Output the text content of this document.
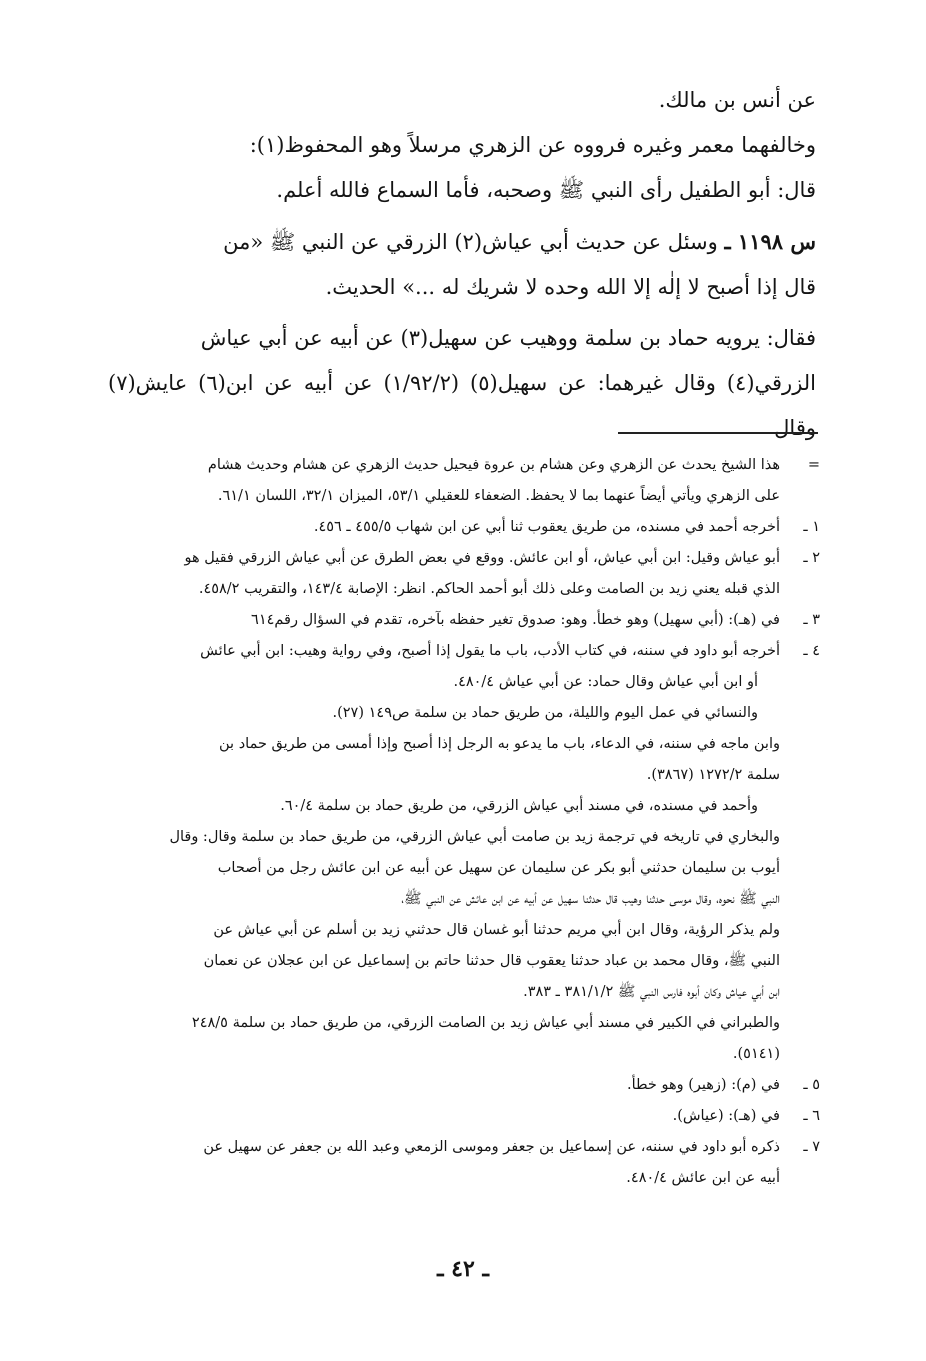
عن أنس بن مالك.

وخالفهما معمر وغيره فرووه عن الزهري مرسلاً وهو المحفوظ(١):

قال: أبو الطفيل رأى النبي ﷺ وصحبه، فأما السماع فالله أعلم.

س ١١٩٨ ـ وسئل عن حديث أبي عياش(٢) الزرقي عن النبي ﷺ «من

قال إذا أصبح لا إلٰه إلا الله وحده لا شريك له ...» الحديث.

فقال: يرويه حماد بن سلمة ووهيب عن سهيل(٣) عن أبيه عن أبي عياش

الزرقي(٤) وقال غيرهما: عن سهيل(٥) (١/٩٢/٢) عن أبيه عن ابن(٦) عايش(٧) وقال

=
هذا الشيخ يحدث عن الزهري وعن هشام بن عروة فيحيل حديث الزهري عن هشام وحديث هشام
على الزهري ويأتي أيضاً عنهما بما لا يحفظ. الضعفاء للعقيلي ٥٣/١، الميزان ٣٢/١، اللسان ٦١/١.
١ ـ
أخرجه أحمد في مسنده، من طريق يعقوب ثنا أبي عن ابن شهاب ٤٥٥/٥ ـ ٤٥٦.
٢ ـ
أبو عياش وقيل: ابن أبي عياش، أو ابن عائش. ووقع في بعض الطرق عن أبي عياش الزرقي فقيل هو
الذي قبله يعني زيد بن الصامت وعلى ذلك أبو أحمد الحاكم. انظر: الإصابة ١٤٣/٤، والتقريب ٤٥٨/٢.
٣ ـ
في (هـ): (أبي سهيل) وهو خطأ. وهو: صدوق تغير حفظه بآخره، تقدم في السؤال رقم٦١٤
٤ ـ
أخرجه أبو داود في سننه، في كتاب الأدب، باب ما يقول إذا أصبح، وفي رواية وهيب: ابن أبي عائش
أو ابن أبي عياش وقال حماد: عن أبي عياش ٤٨٠/٤.
والنسائي في عمل اليوم والليلة، من طريق حماد بن سلمة ص١٤٩ (٢٧).
وابن ماجه في سننه، في الدعاء، باب ما يدعو به الرجل إذا أصبح وإذا أمسى من طريق حماد بن
سلمة ١٢٧٢/٢ (٣٨٦٧).
وأحمد في مسنده، في مسند أبي عياش الزرقي، من طريق حماد بن سلمة ٦٠/٤.
والبخاري في تاريخه في ترجمة زيد بن صامت أبي عياش الزرقي، من طريق حماد بن سلمة وقال: وقال
أيوب بن سليمان حدثني أبو بكر عن سليمان عن سهيل عن أبيه عن ابن عائش رجل من أصحاب
النبي ﷺ نحوه، وقال موسى حدثنا وهيب قال حدثنا سهيل عن أبيه عن ابن عائش عن النبي ﷺ،
ولم يذكر الرؤية، وقال ابن أبي مريم حدثنا أبو غسان قال حدثني زيد بن أسلم عن أبي عياش عن
النبي ﷺ، وقال محمد بن عباد حدثنا يعقوب قال حدثنا حاتم بن إسماعيل عن ابن عجلان عن نعمان
ابن أبي عياش وكان أبوه فارس النبي ﷺ ٣٨١/١/٢ ـ ٣٨٣.
والطبراني في الكبير في مسند أبي عياش زيد بن الصامت الزرقي، من طريق حماد بن سلمة ٢٤٨/٥
(٥١٤١).
٥ ـ
في (م): (زهير) وهو خطأ.
٦ ـ
في (هـ): (عياش).
٧ ـ
ذكره أبو داود في سننه، عن إسماعيل بن جعفر وموسى الزمعي وعبد الله بن جعفر عن سهيل عن
أبيه عن ابن عائش ٤٨٠/٤.
ـ ٤٢ ـ
